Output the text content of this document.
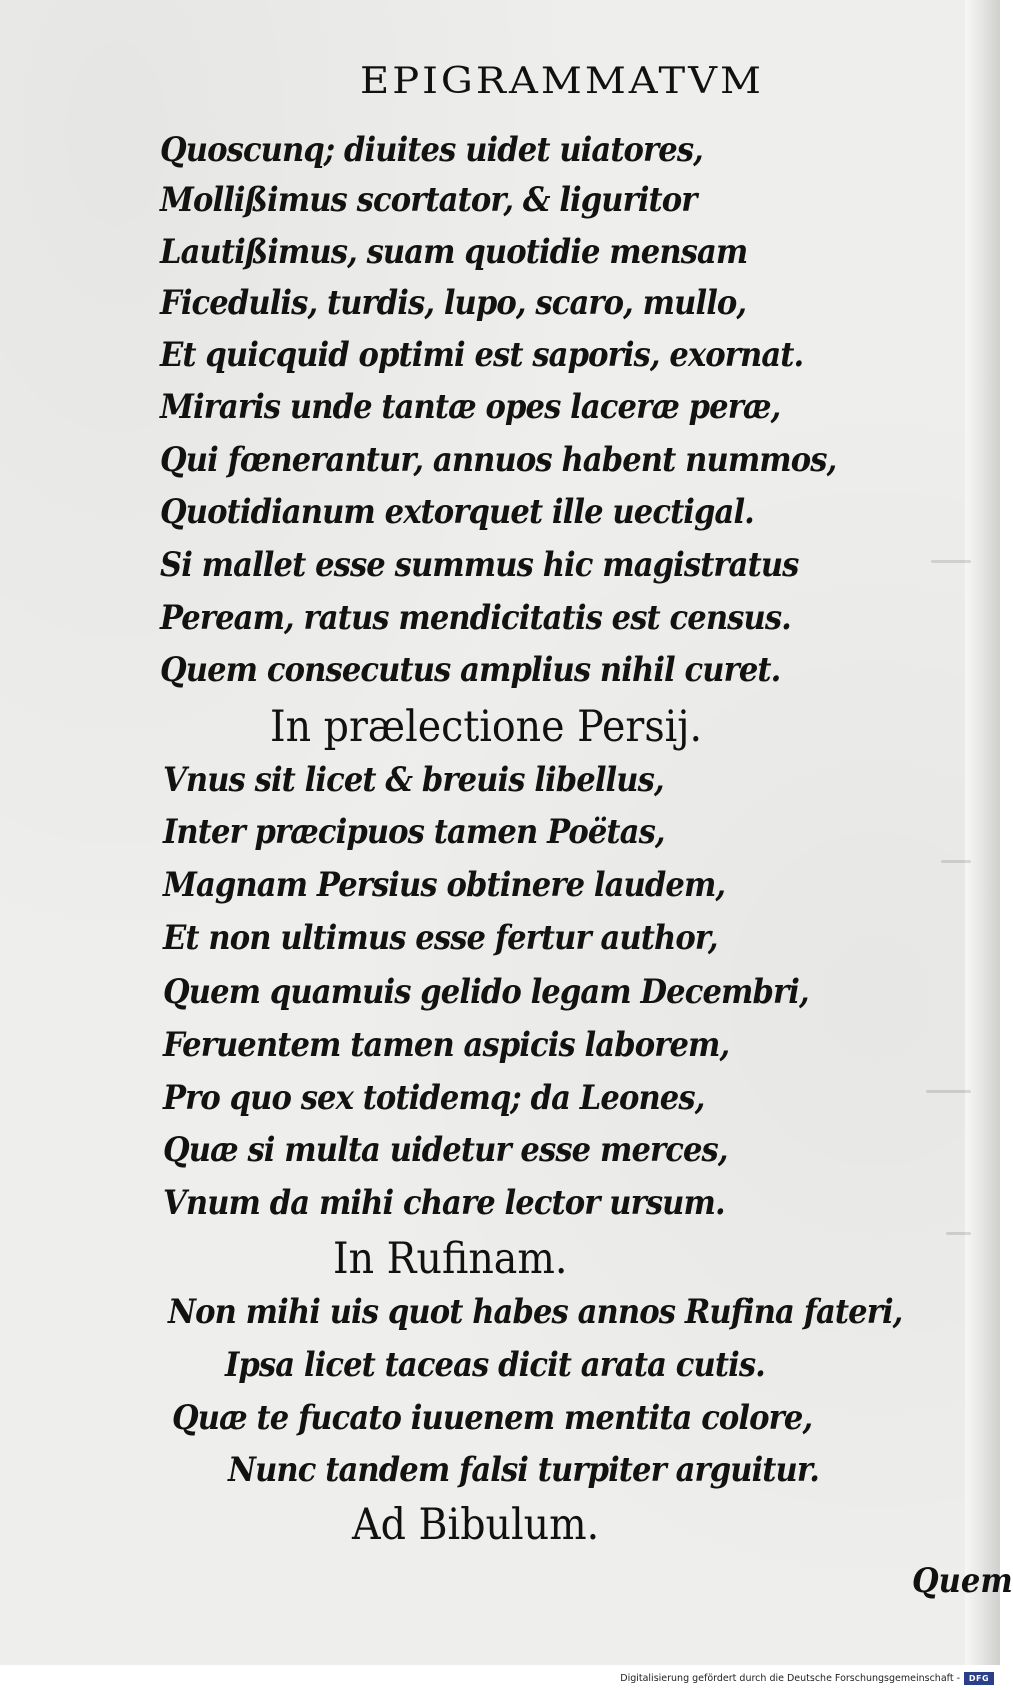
EPIGRAMMATVM
Quoscunq; diuites uidet uiatores,
Mollißimus scortator, & liguritor
Lautißimus, suam quotidie mensam
Ficedulis, turdis, lupo, scaro, mullo,
Et quicquid optimi est saporis, exornat.
Miraris unde tantæ opes laceræ peræ,
Qui fœnerantur, annuos habent nummos,
Quotidianum extorquet ille uectigal.
Si mallet esse summus hic magistratus
Peream, ratus mendicitatis est census.
Quem consecutus amplius nihil curet.
In prælectione Persij.
Vnus sit licet & breuis libellus,
Inter præcipuos tamen Poëtas,
Magnam Persius obtinere laudem,
Et non ultimus esse fertur author,
Quem quamuis gelido legam Decembri,
Feruentem tamen aspicis laborem,
Pro quo sex totidemq; da Leones,
Quæ si multa uidetur esse merces,
Vnum da mihi chare lector ursum.
In Rufinam.
Non mihi uis quot habes annos Rufina fateri,
Ipsa licet taceas dicit arata cutis.
Quæ te fucato iuuenem mentita colore,
Nunc tandem falsi turpiter arguitur.
Ad Bibulum.
Quem
Digitalisierung gefördert durch die Deutsche Forschungsgemeinschaft -	DFG
